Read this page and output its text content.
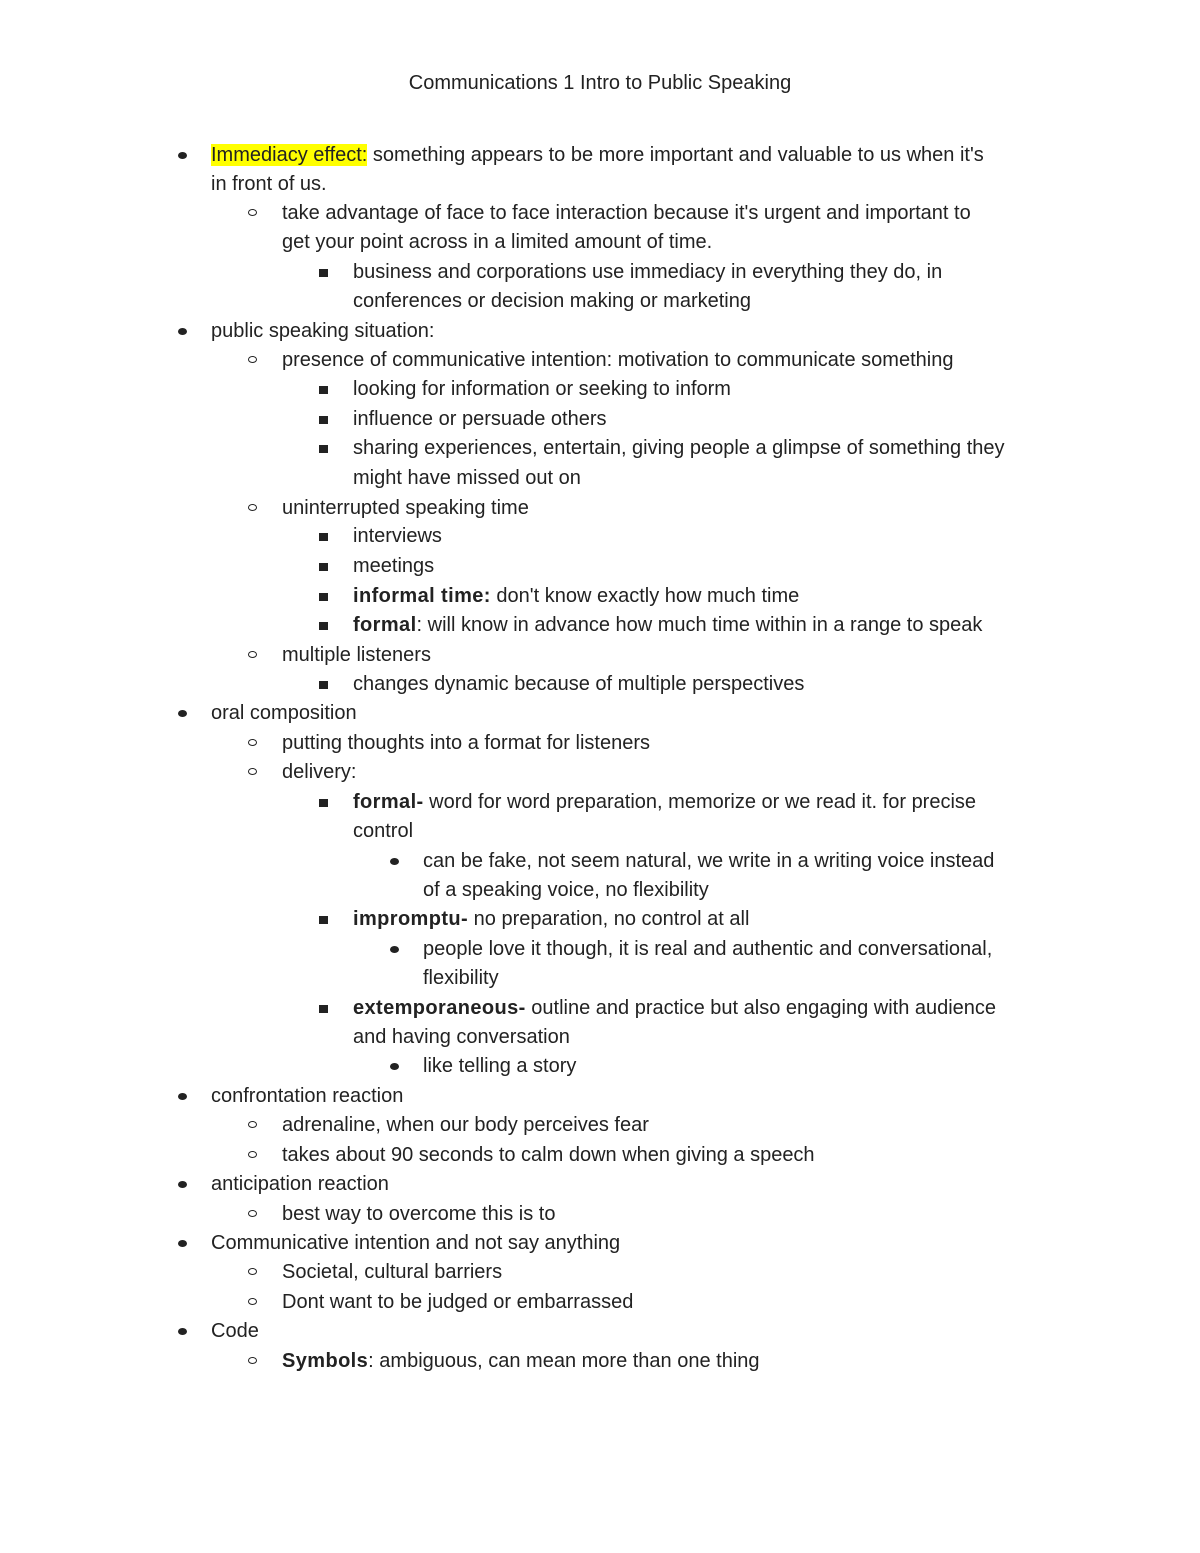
Communications 1 Intro to Public Speaking
Immediacy effect: something appears to be more important and valuable to us when it's
in front of us.
take advantage of face to face interaction because it's urgent and important to
get your point across in a limited amount of time.
business and corporations use immediacy in everything they do, in
conferences or decision making or marketing
public speaking situation:
presence of communicative intention: motivation to communicate something
looking for information or seeking to inform
influence or persuade others
sharing experiences, entertain, giving people a glimpse of something they
might have missed out on
uninterrupted speaking time
interviews
meetings
informal time: don't know exactly how much time
formal: will know in advance how much time within in a range to speak
multiple listeners
changes dynamic because of multiple perspectives
oral composition
putting thoughts into a format for listeners
delivery:
formal- word for word preparation, memorize or we read it. for precise
control
can be fake, not seem natural, we write in a writing voice instead
of a speaking voice, no flexibility
impromptu- no preparation, no control at all
people love it though, it is real and authentic and conversational,
flexibility
extemporaneous- outline and practice but also engaging with audience
and having conversation
like telling a story
confrontation reaction
adrenaline, when our body perceives fear
takes about 90 seconds to calm down when giving a speech
anticipation reaction
best way to overcome this is to
Communicative intention and not say anything
Societal, cultural barriers
Dont want to be judged or embarrassed
Code
Symbols: ambiguous, can mean more than one thing
